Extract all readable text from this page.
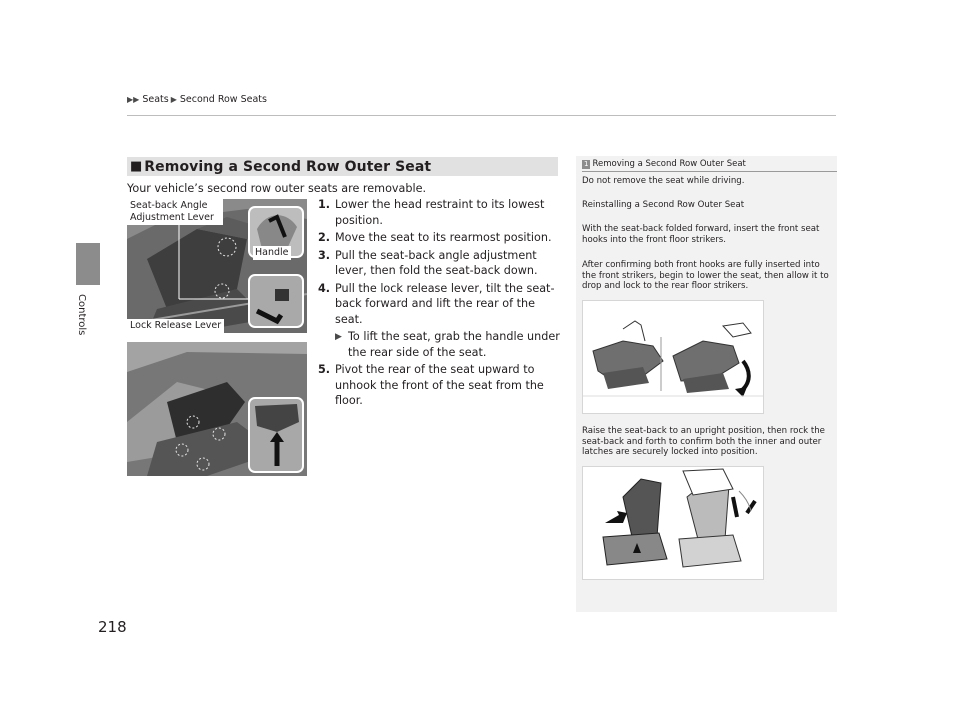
▶▶ Seats ▶ Second Row Seats
Controls
218
■ Removing a Second Row Outer Seat
Your vehicle’s second row outer seats are removable.
1. Lower the head restraint to its lowest position.
2. Move the seat to its rearmost position.
3. Pull the seat-back angle adjustment lever, then fold the seat-back down.
4. Pull the lock release lever, tilt the seat-back forward and lift the rear of the seat.
▶ To lift the seat, grab the handle under the rear side of the seat.
5. Pivot the rear of the seat upward to unhook the front of the seat from the floor.
Seat-back Angle Adjustment Lever
Handle
Lock Release Lever
1 Removing a Second Row Outer Seat
Do not remove the seat while driving.
Reinstalling a Second Row Outer Seat
With the seat-back folded forward, insert the front seat hooks into the front floor strikers.
After confirming both front hooks are fully inserted into the front strikers, begin to lower the seat, then allow it to drop and lock to the rear floor strikers.
Raise the seat-back to an upright position, then rock the seat-back and forth to confirm both the inner and outer latches are securely locked into position.
